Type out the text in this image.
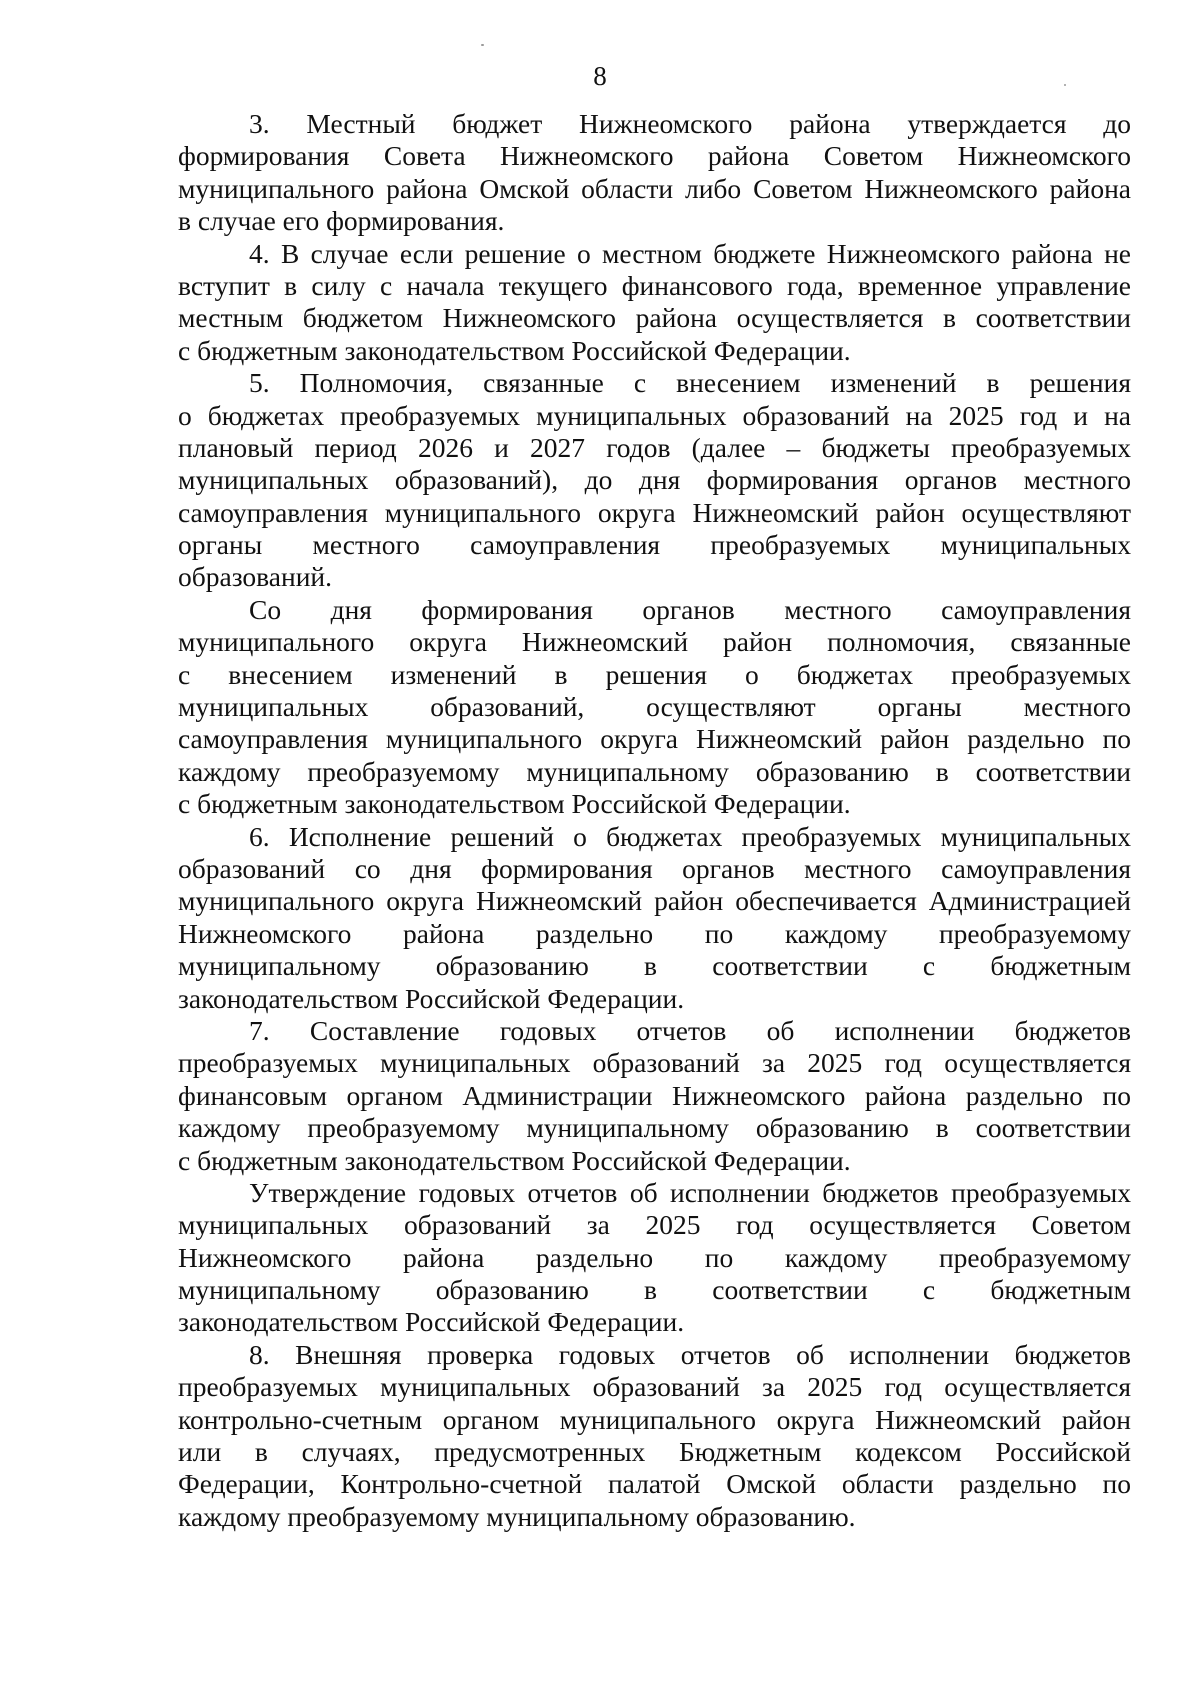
8
3. Местный бюджет Нижнеомского района утверждается до
формирования Совета Нижнеомского района Советом Нижнеомского
муниципального района Омской области либо Советом Нижнеомского района
в случае его формирования.
4. В случае если решение о местном бюджете Нижнеомского района не
вступит в силу с начала текущего финансового года, временное управление
местным бюджетом Нижнеомского района осуществляется в соответствии
с бюджетным законодательством Российской Федерации.
5. Полномочия, связанные с внесением изменений в решения
о бюджетах преобразуемых муниципальных образований на 2025 год и на
плановый период 2026 и 2027 годов (далее – бюджеты преобразуемых
муниципальных образований), до дня формирования органов местного
самоуправления муниципального округа Нижнеомский район осуществляют
органы местного самоуправления преобразуемых муниципальных
образований.
Со дня формирования органов местного самоуправления
муниципального округа Нижнеомский район полномочия, связанные
с внесением изменений в решения о бюджетах преобразуемых
муниципальных образований, осуществляют органы местного
самоуправления муниципального округа Нижнеомский район раздельно по
каждому преобразуемому муниципальному образованию в соответствии
с бюджетным законодательством Российской Федерации.
6. Исполнение решений о бюджетах преобразуемых муниципальных
образований со дня формирования органов местного самоуправления
муниципального округа Нижнеомский район обеспечивается Администрацией
Нижнеомского района раздельно по каждому преобразуемому
муниципальному образованию в соответствии с бюджетным
законодательством Российской Федерации.
7. Составление годовых отчетов об исполнении бюджетов
преобразуемых муниципальных образований за 2025 год осуществляется
финансовым органом Администрации Нижнеомского района раздельно по
каждому преобразуемому муниципальному образованию в соответствии
с бюджетным законодательством Российской Федерации.
Утверждение годовых отчетов об исполнении бюджетов преобразуемых
муниципальных образований за 2025 год осуществляется Советом
Нижнеомского района раздельно по каждому преобразуемому
муниципальному образованию в соответствии с бюджетным
законодательством Российской Федерации.
8. Внешняя проверка годовых отчетов об исполнении бюджетов
преобразуемых муниципальных образований за 2025 год осуществляется
контрольно-счетным органом муниципального округа Нижнеомский район
или в случаях, предусмотренных Бюджетным кодексом Российской
Федерации, Контрольно-счетной палатой Омской области раздельно по
каждому преобразуемому муниципальному образованию.
